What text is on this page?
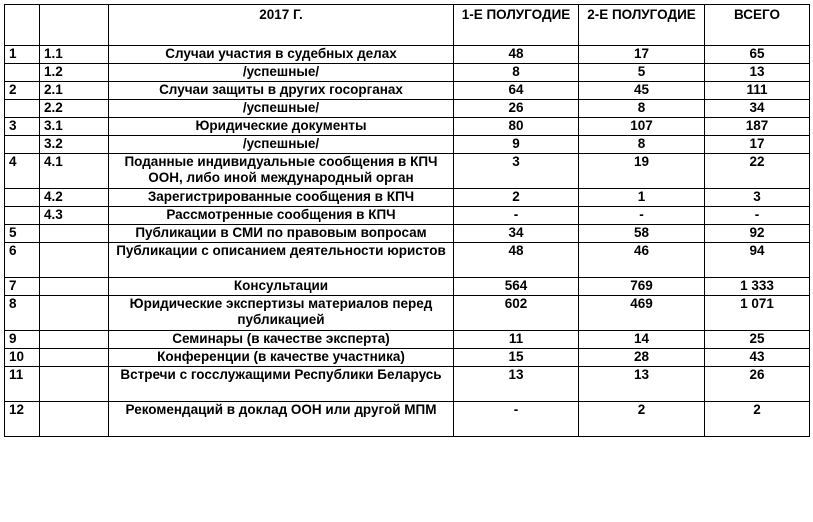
		2017 Г.	1-Е ПОЛУГОДИЕ	2-Е ПОЛУГОДИЕ	ВСЕГО
1	1.1	Случаи участия в судебных делах	48	17	65
	1.2	/успешные/	8	5	13
2	2.1	Случаи защиты в других госорганах	64	45	111
	2.2	/успешные/	26	8	34
3	3.1	Юридические документы	80	107	187
	3.2	/успешные/	9	8	17
4	4.1	Поданные индивидуальные сообщения в КПЧ ООН, либо иной международный орган	3	19	22
	4.2	Зарегистрированные сообщения в КПЧ	2	1	3
	4.3	Рассмотренные сообщения в КПЧ	-	-	-
5		Публикации в СМИ по правовым вопросам	34	58	92
6		Публикации с описанием деятельности юристов	48	46	94
7		Консультации	564	769	1 333
8		Юридические экспертизы материалов перед публикацией	602	469	1 071
9		Семинары (в качестве эксперта)	11	14	25
10		Конференции (в качестве участника)	15	28	43
11		Встречи с госслужащими Республики Беларусь	13	13	26
12		Рекомендаций в доклад ООН или другой МПМ	-	2	2
